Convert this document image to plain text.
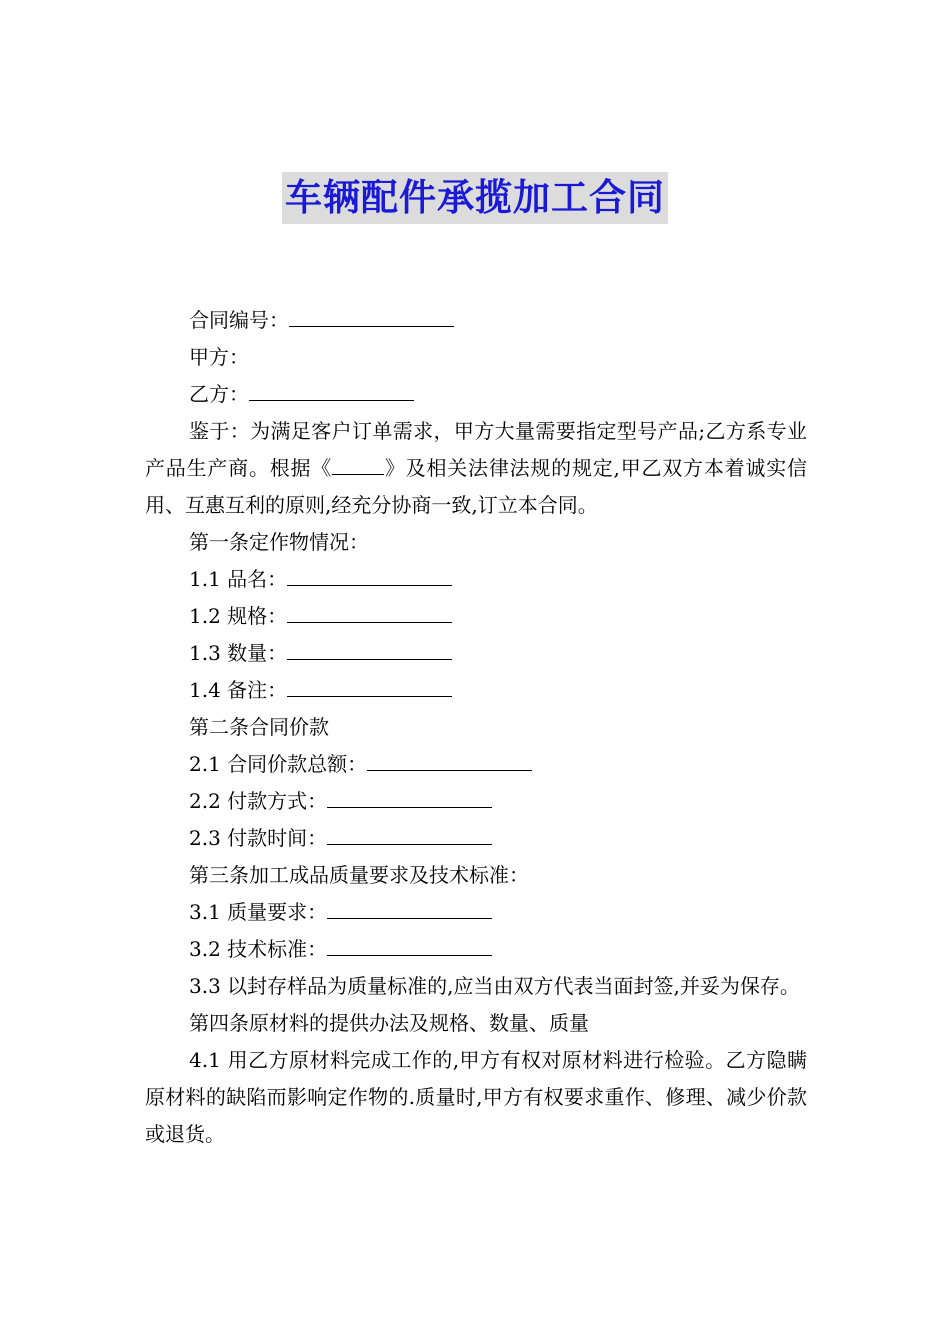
车辆配件承揽加工合同

合同编号：

甲方：

乙方：

鉴于：为满足客户订单需求，甲方大量需要指定型号产品;乙方系专业产品生产商。根据《	》及相关法律法规的规定,甲乙双方本着诚实信用、互惠互利的原则,经充分协商一致,订立本合同。

第一条定作物情况：

1.1 品名：

1.2 规格：

1.3 数量：

1.4 备注：

第二条合同价款

2.1 合同价款总额：

2.2 付款方式：

2.3 付款时间：

第三条加工成品质量要求及技术标准：

3.1 质量要求：

3.2 技术标准：

3.3 以封存样品为质量标准的,应当由双方代表当面封签,并妥为保存。

第四条原材料的提供办法及规格、数量、质量

4.1 用乙方原材料完成工作的,甲方有权对原材料进行检验。乙方隐瞒原材料的缺陷而影响定作物的.质量时,甲方有权要求重作、修理、减少价款或退货。
